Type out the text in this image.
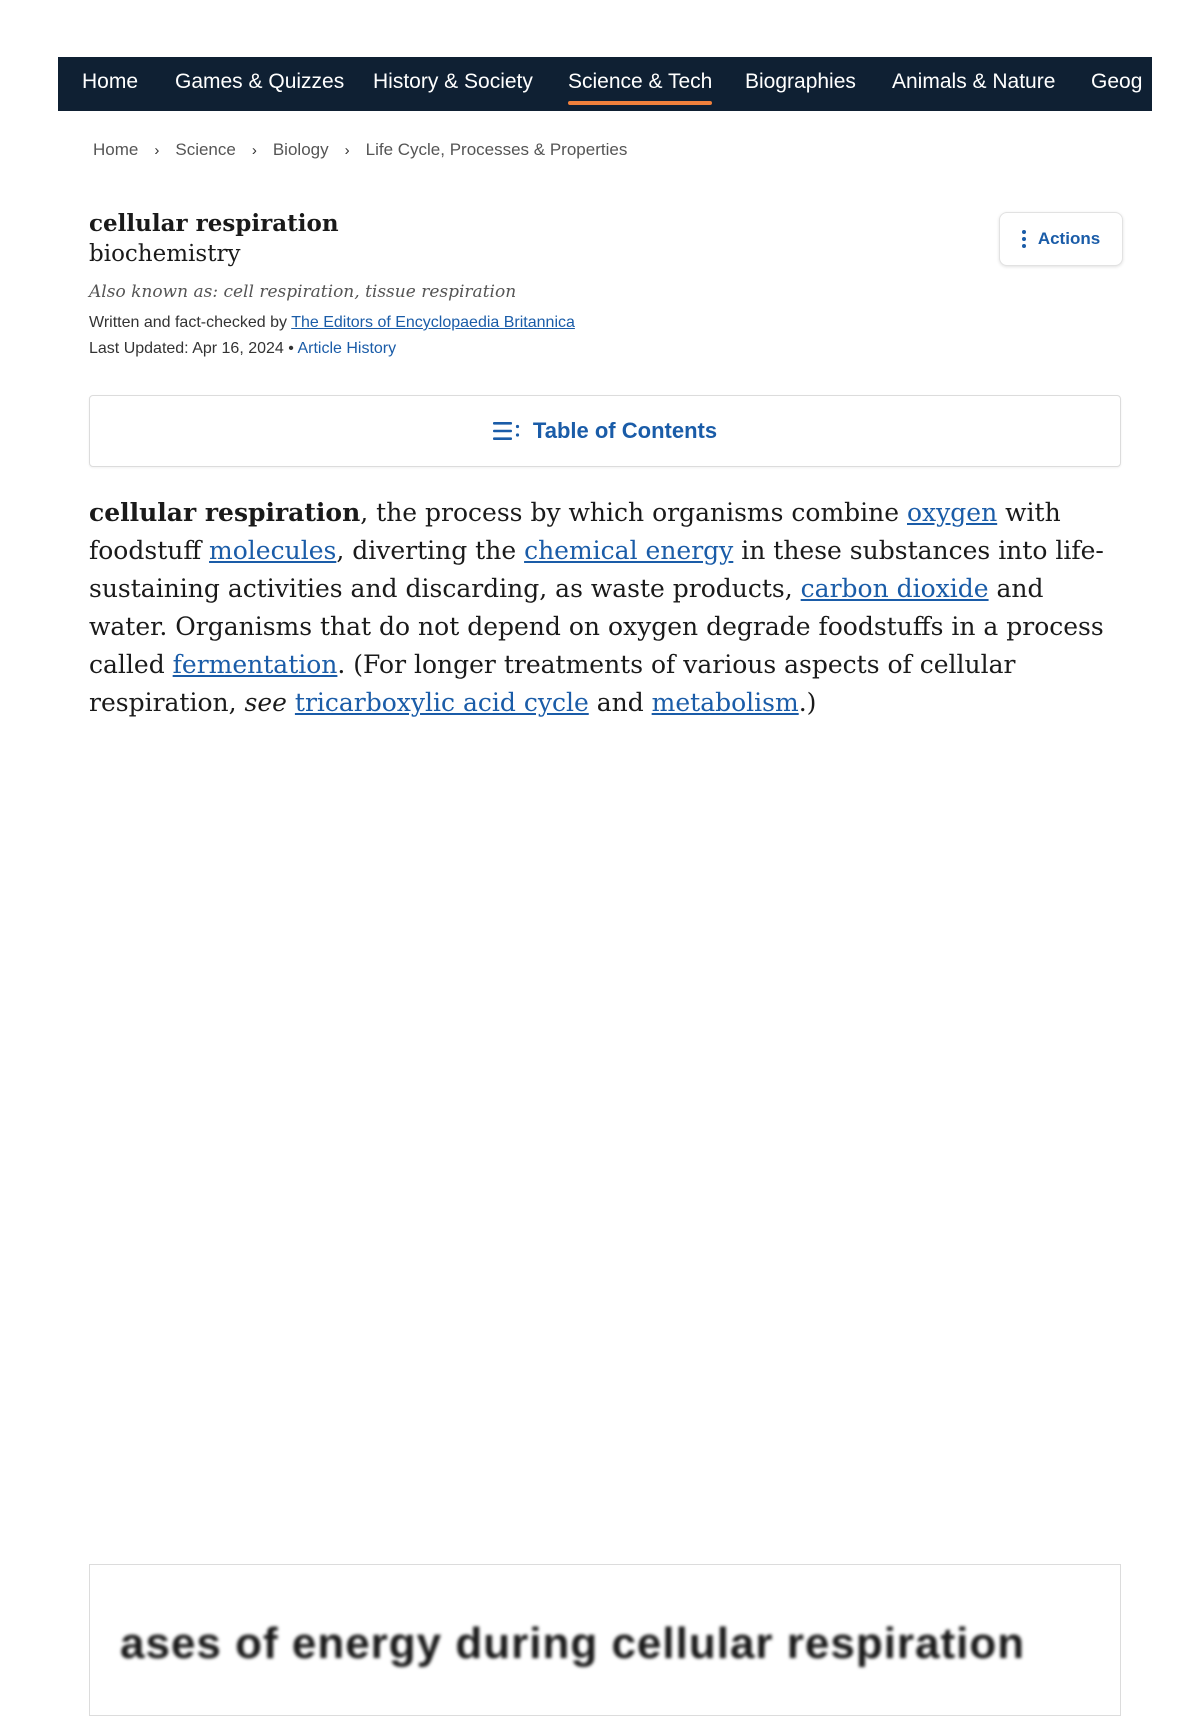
Home Games & Quizzes History & Society Science & Tech Biographies Animals & Nature Geog
Home › Science › Biology › Life Cycle, Processes & Properties
cellular respiration
biochemistry
Also known as: cell respiration, tissue respiration
Written and fact-checked by The Editors of Encyclopaedia Britannica
Last Updated: Apr 16, 2024 • Article History
Actions
Table of Contents

cellular respiration, the process by which organisms combine oxygen with foodstuff molecules, diverting the chemical energy in these substances into life-sustaining activities and discarding, as waste products, carbon dioxide and water. Organisms that do not depend on oxygen degrade foodstuffs in a process called fermentation. (For longer treatments of various aspects of cellular respiration, see tricarboxylic acid cycle and metabolism.)

ases of energy during cellular respiration
